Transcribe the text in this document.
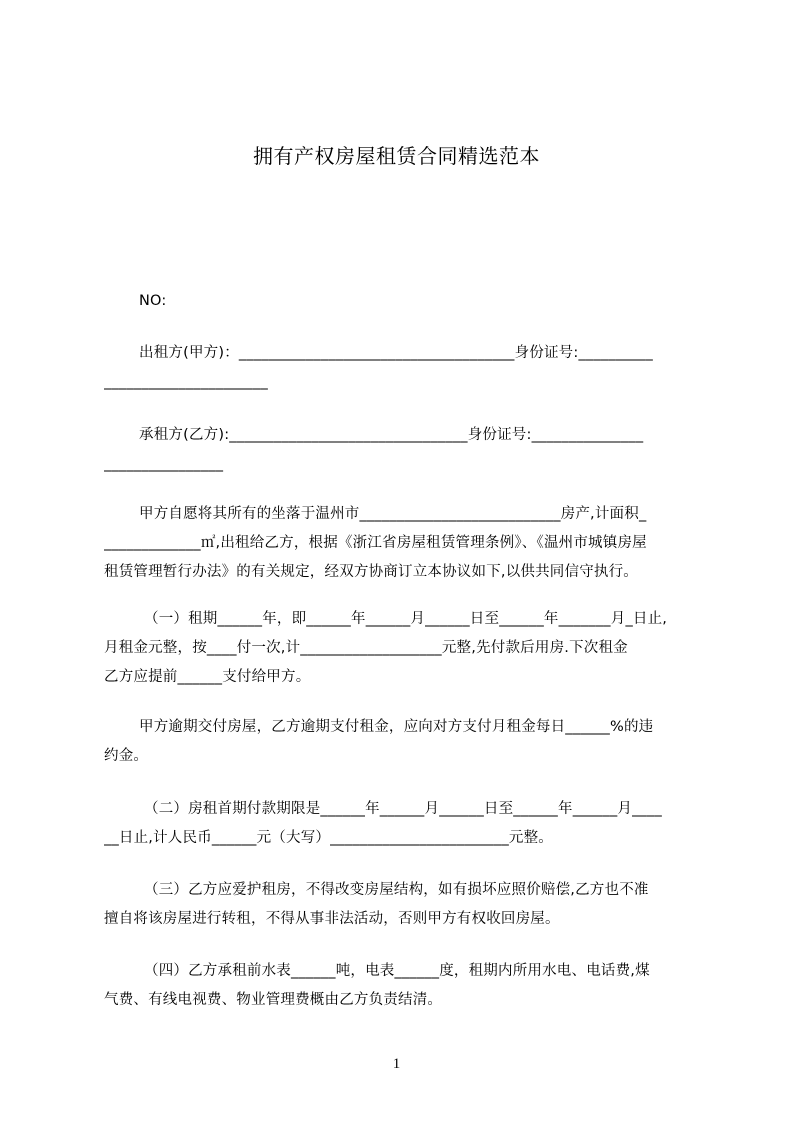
拥有产权房屋租赁合同精选范本
NO:
出租方(甲方)：_____________________________________身份证号:__________
______________________
承租方(乙方):________________________________身份证号:_______________
________________
甲方自愿将其所有的坐落于温州市___________________________房产,计面积_
_____________㎡,出租给乙方，根据《浙江省房屋租赁管理条例》、《温州市城镇房屋
租赁管理暂行办法》的有关规定，经双方协商订立本协议如下,以供共同信守执行。
（一）租期______年，即______年______月______日至______年_______月_日止,
月租金元整，按____付一次,计___________________元整,先付款后用房.下次租金
乙方应提前______支付给甲方。
甲方逾期交付房屋，乙方逾期支付租金，应向对方支付月租金每日______%的违
约金。
（二）房租首期付款期限是______年______月______日至______年______月____
__日止,计人民币______元（大写）________________________元整。
（三）乙方应爱护租房，不得改变房屋结构，如有损坏应照价赔偿,乙方也不准
擅自将该房屋进行转租，不得从事非法活动，否则甲方有权收回房屋。
（四）乙方承租前水表______吨，电表______度，租期内所用水电、电话费,煤
气费、有线电视费、物业管理费概由乙方负责结清。
1
